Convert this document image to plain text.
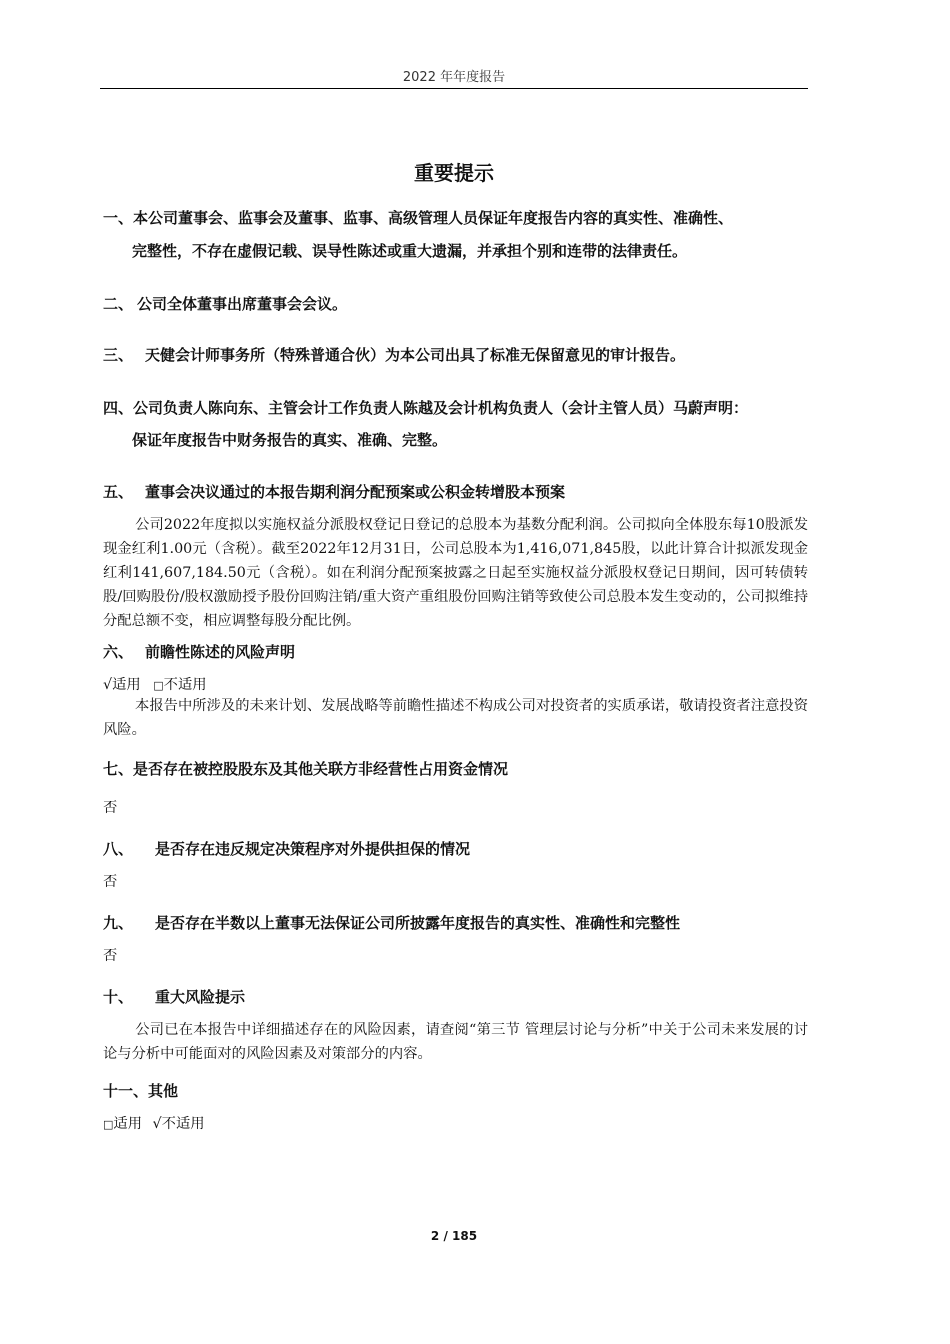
2022 年年度报告
重要提示
一、本公司董事会、监事会及董事、监事、高级管理人员保证年度报告内容的真实性、准确性、
完整性，不存在虚假记载、误导性陈述或重大遗漏，并承担个别和连带的法律责任。
二、 公司全体董事出席董事会会议。
三、 天健会计师事务所（特殊普通合伙）为本公司出具了标准无保留意见的审计报告。
四、公司负责人陈向东、主管会计工作负责人陈越及会计机构负责人（会计主管人员）马蔚声明：
保证年度报告中财务报告的真实、准确、完整。
五、 董事会决议通过的本报告期利润分配预案或公积金转增股本预案
公司2022年度拟以实施权益分派股权登记日登记的总股本为基数分配利润。公司拟向全体股东每10股派发现金红利1.00元（含税）。截至2022年12月31日，公司总股本为1,416,071,845股，以此计算合计拟派发现金红利141,607,184.50元（含税）。如在利润分配预案披露之日起至实施权益分派股权登记日期间，因可转债转股/回购股份/股权激励授予股份回购注销/重大资产重组股份回购注销等致使公司总股本发生变动的，公司拟维持分配总额不变，相应调整每股分配比例。
六、 前瞻性陈述的风险声明
√适用 □不适用
本报告中所涉及的未来计划、发展战略等前瞻性描述不构成公司对投资者的实质承诺，敬请投资者注意投资风险。
七、是否存在被控股股东及其他关联方非经营性占用资金情况
否
八、 是否存在违反规定决策程序对外提供担保的情况
否
九、 是否存在半数以上董事无法保证公司所披露年度报告的真实性、准确性和完整性
否
十、 重大风险提示
公司已在本报告中详细描述存在的风险因素，请查阅“第三节 管理层讨论与分析”中关于公司未来发展的讨论与分析中可能面对的风险因素及对策部分的内容。
十一、其他
□适用 √不适用
2 / 185
